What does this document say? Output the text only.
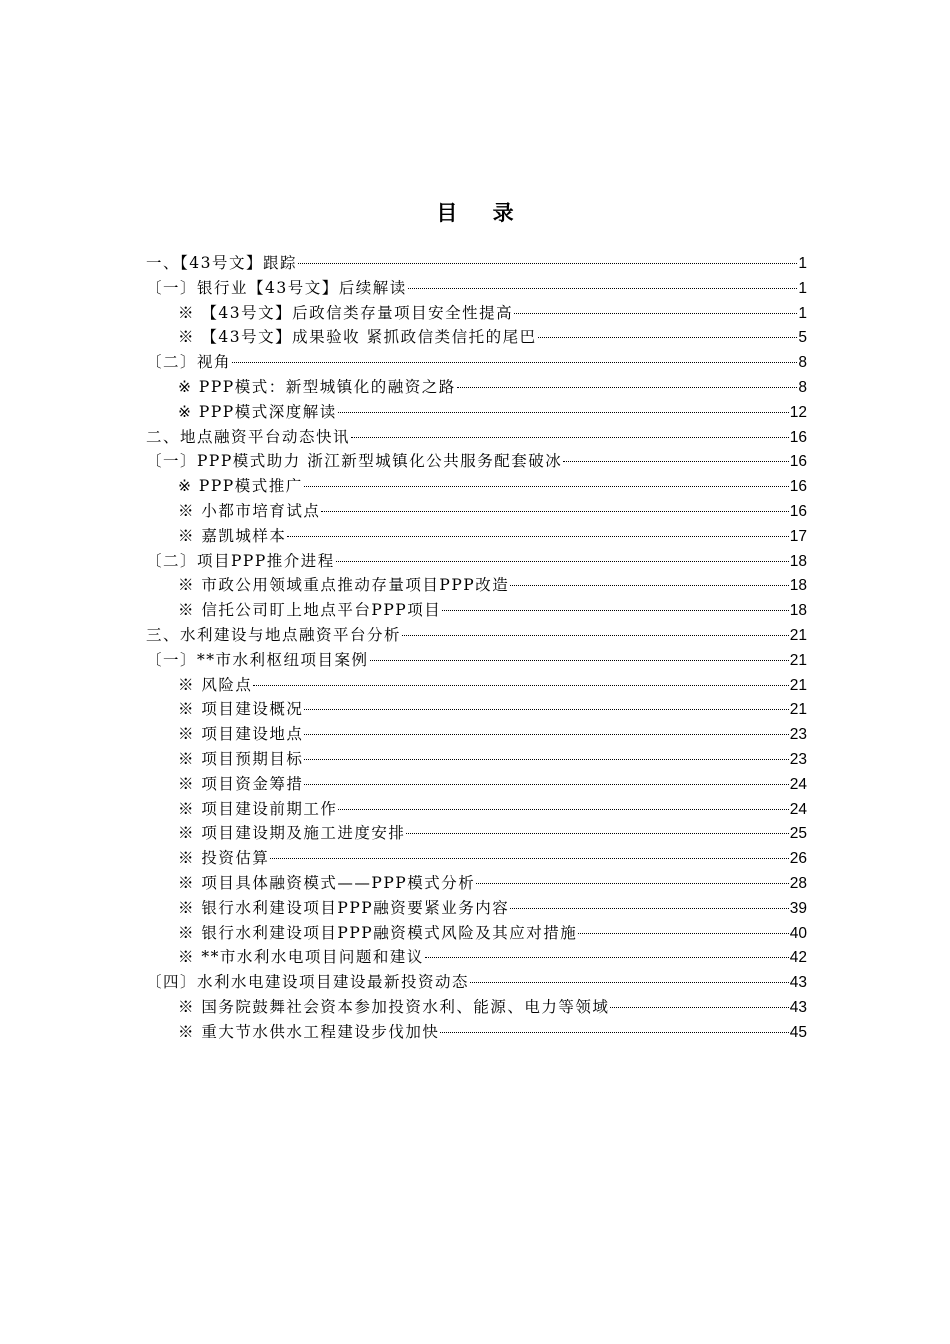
目 录
一、【43号文】跟踪	1
〔一〕银行业【43号文】后续解读	1
※ 【43号文】后政信类存量项目安全性提高	1
※ 【43号文】成果验收 紧抓政信类信托的尾巴	5
〔二〕视角	8
※ PPP模式：新型城镇化的融资之路	8
※ PPP模式深度解读	12
二、地点融资平台动态快讯	16
〔一〕PPP模式助力 浙江新型城镇化公共服务配套破冰	16
※ PPP模式推广	16
※ 小都市培育试点	16
※ 嘉凯城样本	17
〔二〕项目PPP推介进程	18
※ 市政公用领域重点推动存量项目PPP改造	18
※ 信托公司盯上地点平台PPP项目	18
三、水利建设与地点融资平台分析	21
〔一〕**市水利枢纽项目案例	21
※ 风险点	21
※ 项目建设概况	21
※ 项目建设地点	23
※ 项目预期目标	23
※ 项目资金筹措	24
※ 项目建设前期工作	24
※ 项目建设期及施工进度安排	25
※ 投资估算	26
※ 项目具体融资模式——PPP模式分析	28
※ 银行水利建设项目PPP融资要紧业务内容	39
※ 银行水利建设项目PPP融资模式风险及其应对措施	40
※ **市水利水电项目问题和建议	42
〔四〕水利水电建设项目建设最新投资动态	43
※ 国务院鼓舞社会资本参加投资水利、能源、电力等领域	43
※ 重大节水供水工程建设步伐加快	45
